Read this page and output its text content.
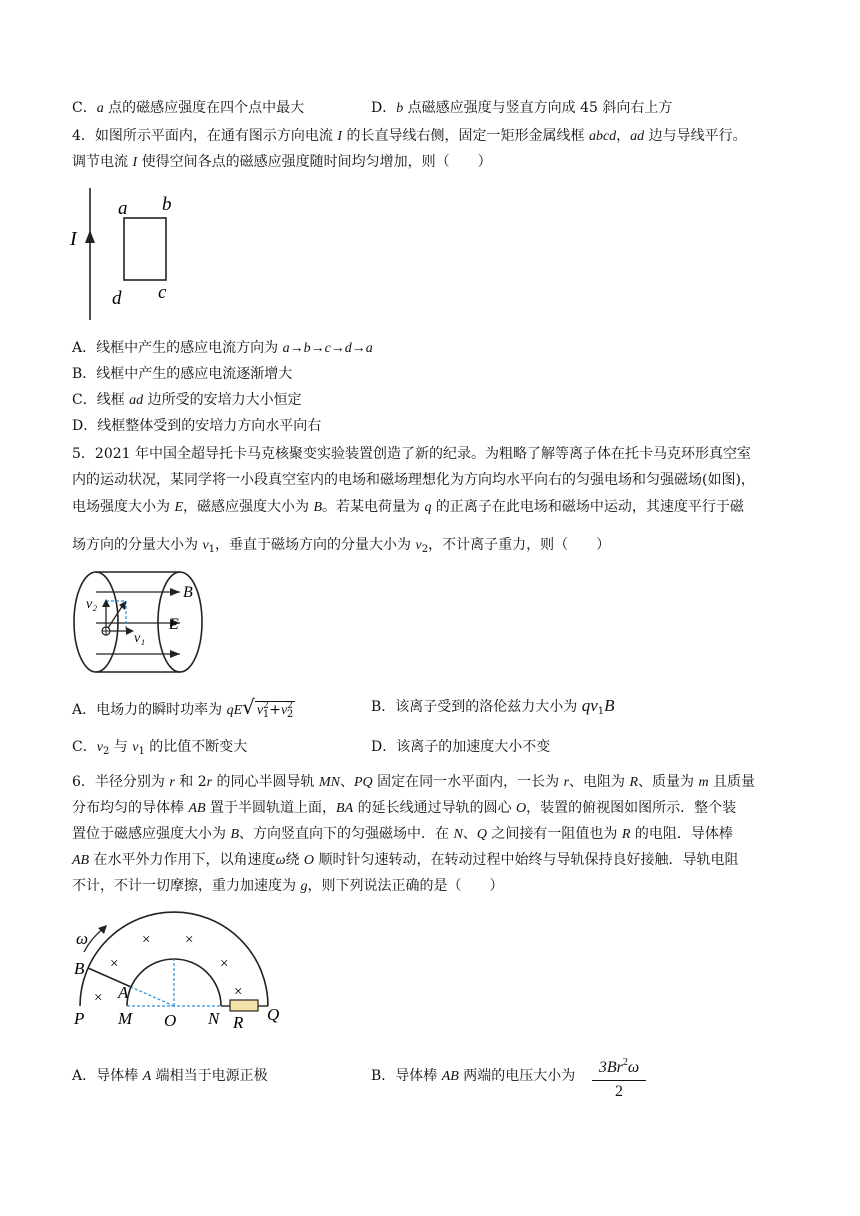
C．a 点的磁感应强度在四个点中最大	D．b 点磁感应强度与竖直方向成 45 斜向右上方
4．如图所示平面内，在通有图示方向电流 I 的长直导线右侧，固定一矩形金属线框 abcd，ad 边与导线平行。
调节电流 I 使得空间各点的磁感应强度随时间均匀增加，则（　　）
I
a b
c
d
A．线框中产生的感应电流方向为 a→b→c→d→a
B．线框中产生的感应电流逐渐增大
C．线框 ad 边所受的安培力大小恒定
D．线框整体受到的安培力方向水平向右
5．2021 年中国全超导托卡马克核聚变实验装置创造了新的纪录。为粗略了解等离子体在托卡马克环形真空室
内的运动状况，某同学将一小段真空室内的电场和磁场理想化为方向均水平向右的匀强电场和匀强磁场(如图)，
电场强度大小为 E，磁感应强度大小为 B。若某电荷量为 q 的正离子在此电场和磁场中运动，其速度平行于磁
场方向的分量大小为 $v_1$，垂直于磁场方向的分量大小为 $v_2$，不计离子重力，则（　　）
v₂
v₁
B
E
A．电场力的瞬时功率为 qE√ $v^2_1+v^2_2$	B．该离子受到的洛伦兹力大小为 $qv_1B$
C．$v_2$ 与 $v_1$ 的比值不断变大	D．该离子的加速度大小不变
6．半径分别为 r 和 2r 的同心半圆导轨 MN、PQ 固定在同一水平面内，一长为 r、电阻为 R、质量为 m 且质量
分布均匀的导体棒 AB 置于半圆轨道上面，BA 的延长线通过导轨的圆心 O，装置的俯视图如图所示．整个装
置位于磁感应强度大小为 B、方向竖直向下的匀强磁场中．在 N、Q 之间接有一阻值也为 R 的电阻．导体棒
AB 在水平外力作用下，以角速度ω绕 O 顺时针匀速转动，在转动过程中始终与导轨保持良好接触．导轨电阻
不计，不计一切摩擦，重力加速度为 g，则下列说法正确的是（　　）
× ×
×	×
×	×
ω
B
A
P M O N R Q
A．导体棒 A 端相当于电源正极	B．导体棒 AB 两端的电压大小为 $\frac{3Br^2\omega}{2}$
